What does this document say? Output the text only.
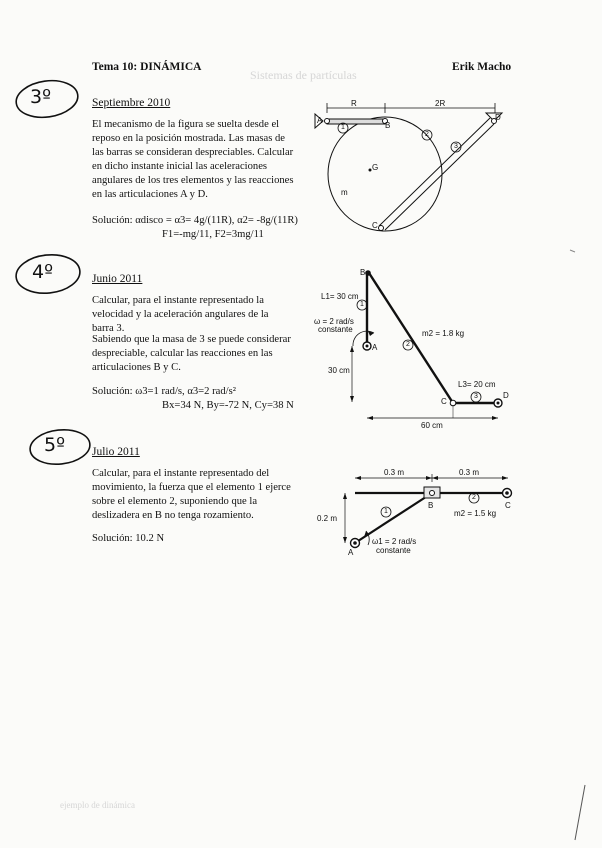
Sistemas de partículas
ejemplo de dinámica
Tema 10: DINÁMICA	Erik Macho
3º	Septiembre 2010
El mecanismo de la figura se suelta desde el reposo en la posición mostrada. Las masas de las barras se consideran despreciables. Calcular en dicho instante inicial las aceleraciones angulares de los tres elementos y las reacciones en las articulaciones A y D.
Solución: αdisco = α3= 4g/(11R), α2= -8g/(11R)
F1=-mg/11, F2=3mg/11
R	2R
A
B
C
D
G
m
1
2
3
4º	Junio 2011
Calcular, para el instante representado la velocidad y la aceleración angulares de la barra 3.
Sabiendo que la masa de 3 se puede considerar despreciable, calcular las reacciones en las articulaciones B y C.
Solución: ω3=1 rad/s, α3=2 rad/s²
Bx=34 N, By=-72 N, Cy=38 N
B
L1= 30 cm
ω = 2 rad/s
constante
A
m2 = 1.8 kg
30 cm
L3= 20 cm
C
D
60 cm
1
2
3
5º Julio 2011
Calcular, para el instante representado del movimiento, la fuerza que el elemento 1 ejerce sobre el elemento 2, suponiendo que la deslizadera en B no tenga rozamiento.
Solución: 10.2 N
0.3 m	0.3 m
0.2 m
B	C
m2 = 1.5 kg
ω1 = 2 rad/s
constante
A
1
2
